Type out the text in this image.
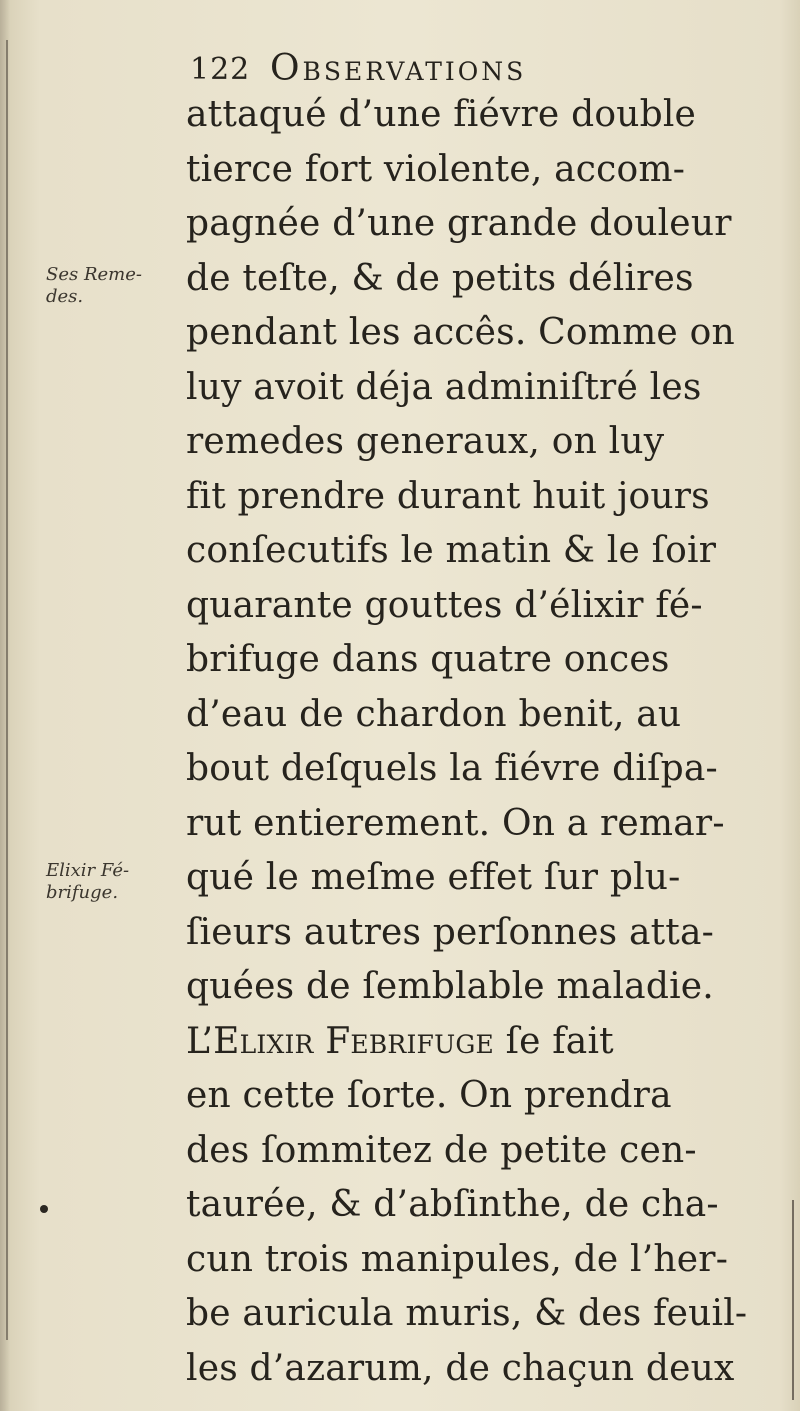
122 Observations
Ses Reme-
des.
Elixir Fé-
brifuge.
attaqué d’une fiévre double
tierce fort violente, accom-
pagnée d’une grande douleur
de teſte, & de petits délires
pendant les accês. Comme on
luy avoit déja adminiſtré les
remedes generaux, on luy
fit prendre durant huit jours
conſecutifs le matin & le ſoir
quarante gouttes d’élixir fé-
brifuge dans quatre onces
d’eau de chardon benit, au
bout deſquels la fiévre diſpa-
rut entierement. On a remar-
qué le meſme effet ſur plu-
ſieurs autres perſonnes atta-
quées de ſemblable maladie.
L’Elixir Febrifuge ſe fait
en cette ſorte. On prendra
des ſommitez de petite cen-
taurée, & d’abſinthe, de cha-
cun trois manipules, de l’her-
be auricula muris, & des feuil-
les d’azarum, de chaçun deux
